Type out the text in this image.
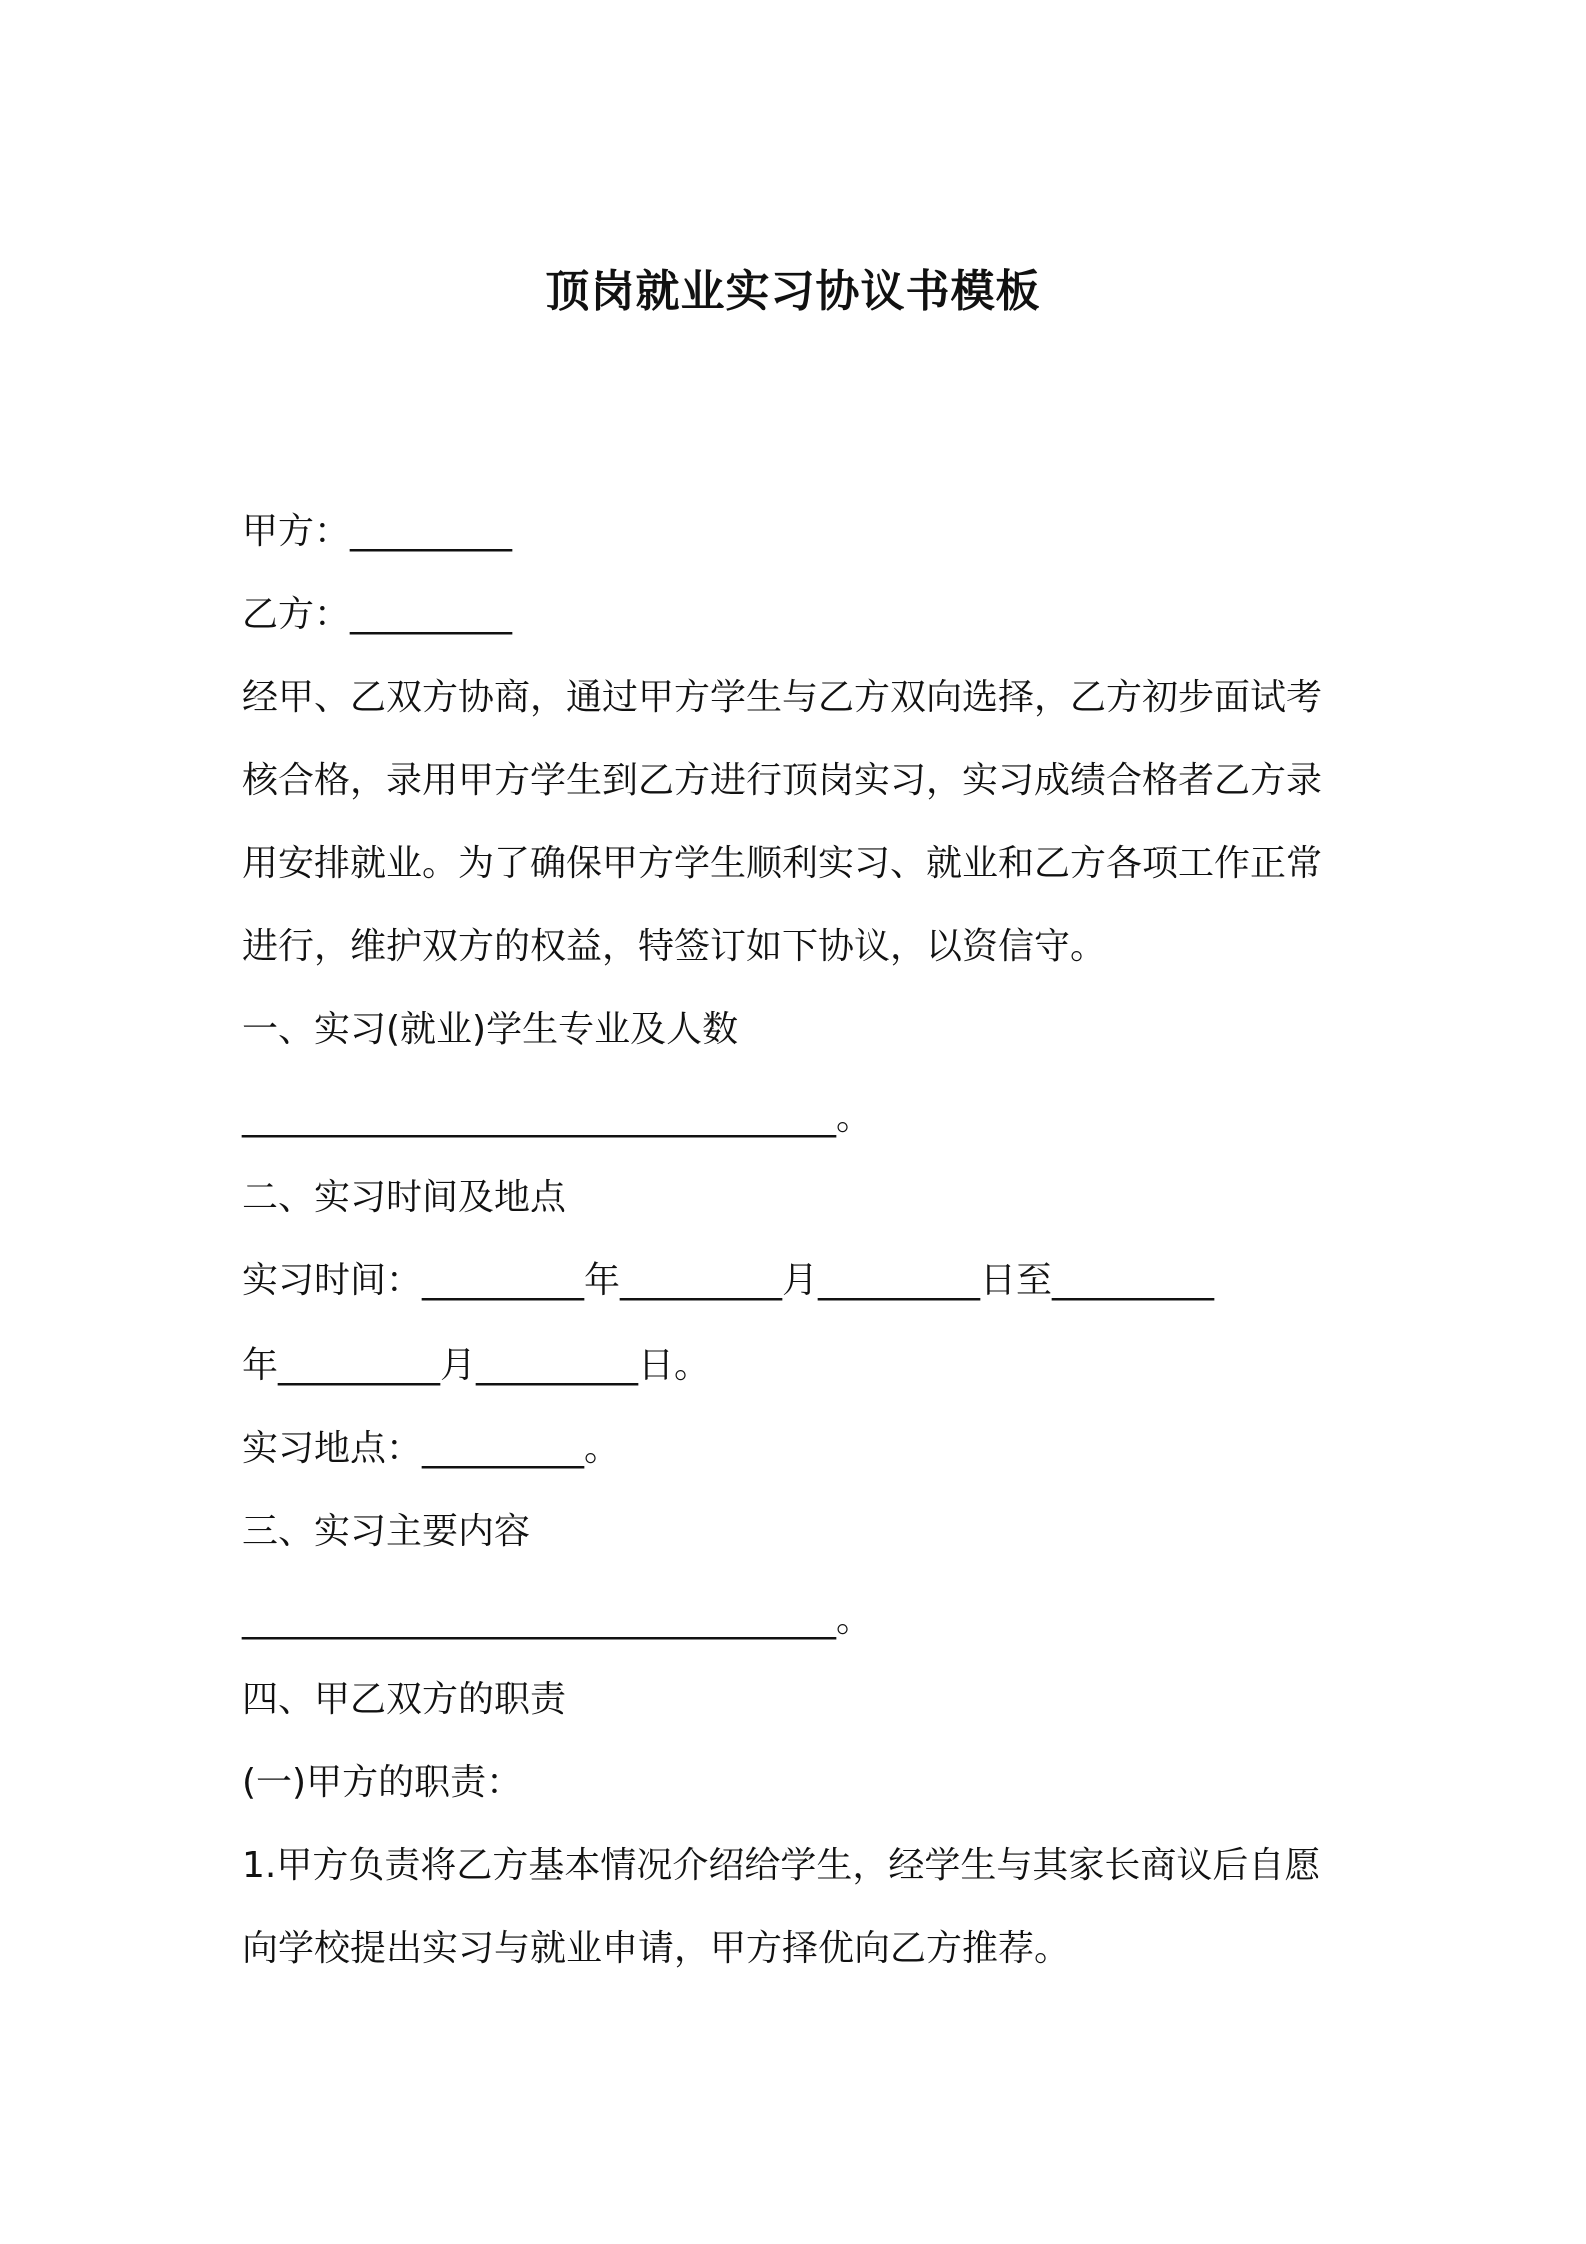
顶岗就业实习协议书模板
甲方：_________
乙方：_________
经甲、乙双方协商，通过甲方学生与乙方双向选择，乙方初步面试考
核合格，录用甲方学生到乙方进行顶岗实习，实习成绩合格者乙方录
用安排就业。为了确保甲方学生顺利实习、就业和乙方各项工作正常
进行，维护双方的权益，特签订如下协议，以资信守。
一、实习(就业)学生专业及人数
_________________________________。
二、实习时间及地点
实习时间：_________年_________月_________日至_________
年_________月_________日。
实习地点：_________。
三、实习主要内容
_________________________________。
四、甲乙双方的职责
(一)甲方的职责：
1.甲方负责将乙方基本情况介绍给学生，经学生与其家长商议后自愿
向学校提出实习与就业申请，甲方择优向乙方推荐。
